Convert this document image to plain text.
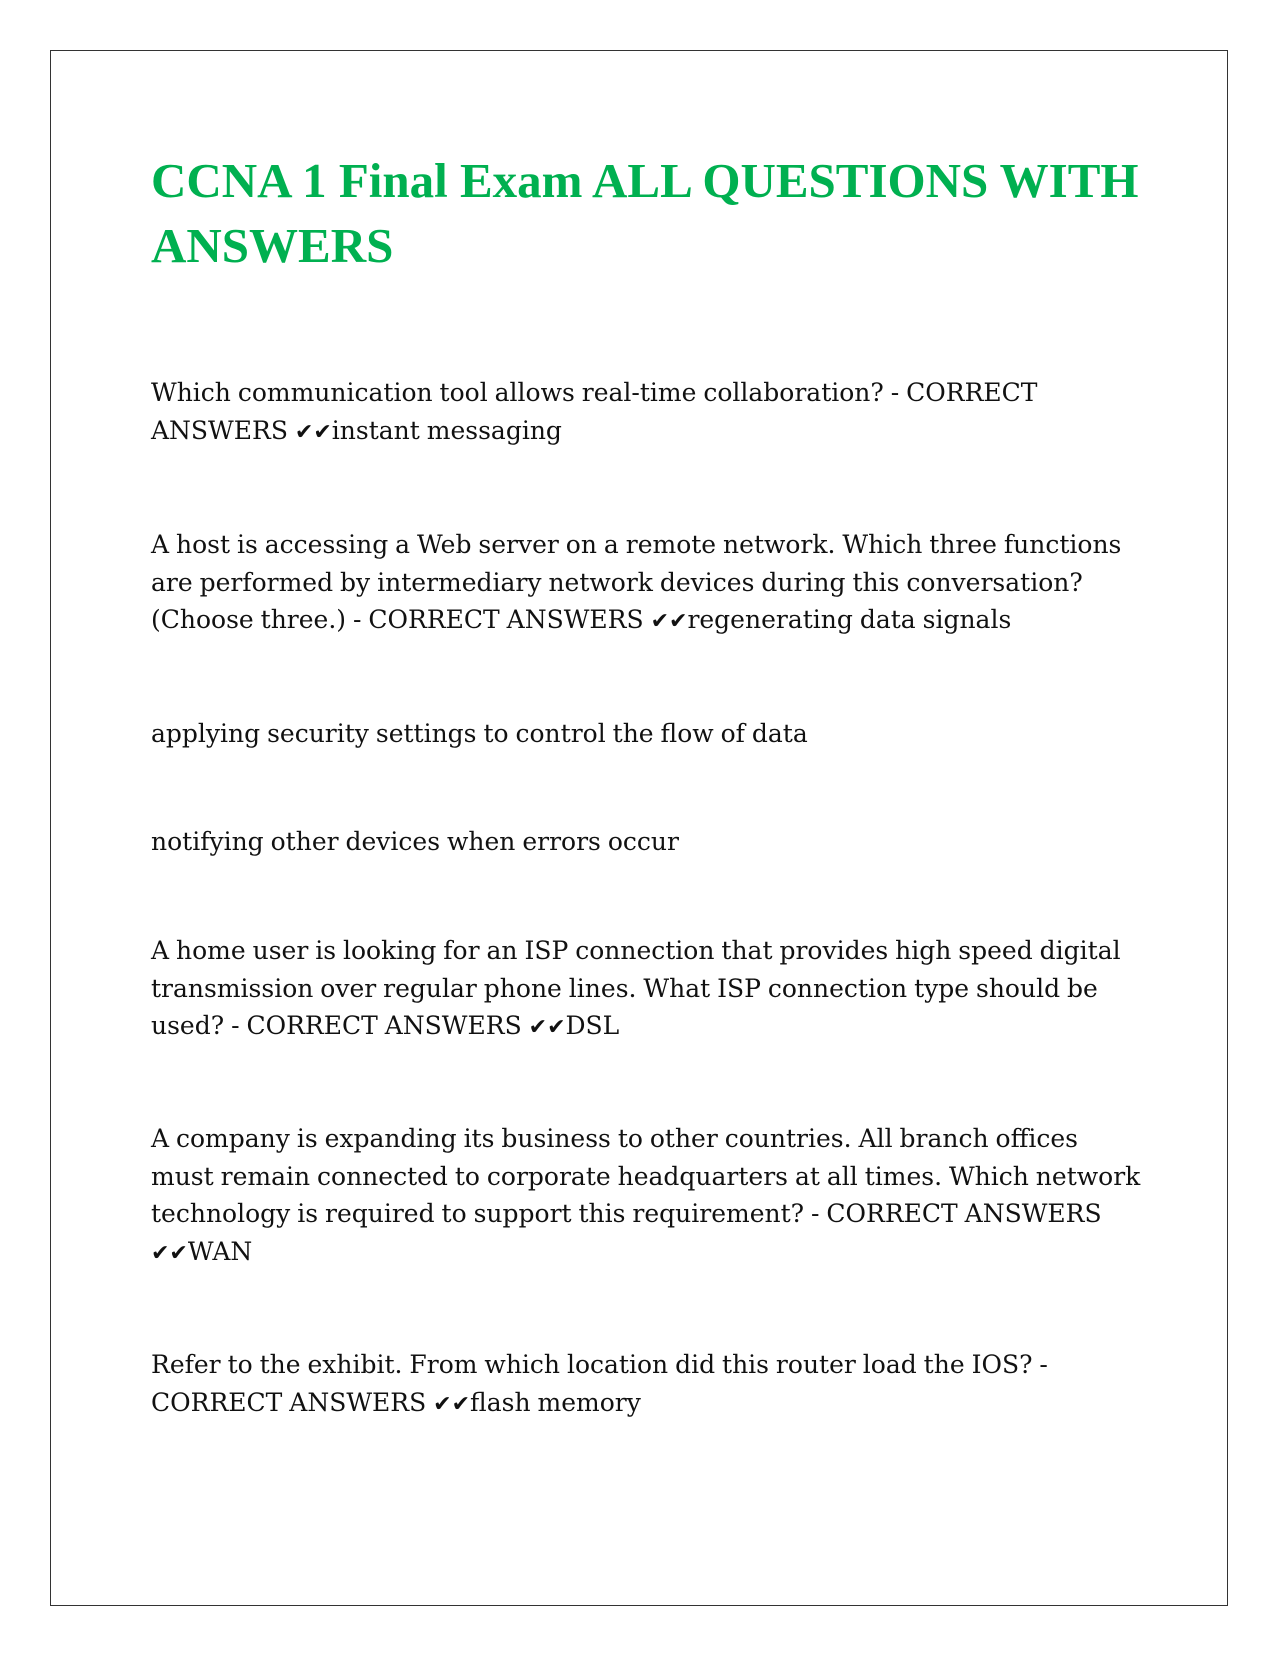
CCNA 1 Final Exam ALL QUESTIONS WITH ANSWERS

Which communication tool allows real-time collaboration? - CORRECT ANSWERS ✔✔instant messaging

A host is accessing a Web server on a remote network. Which three functions are performed by intermediary network devices during this conversation? (Choose three.) - CORRECT ANSWERS ✔✔regenerating data signals

applying security settings to control the flow of data

notifying other devices when errors occur

A home user is looking for an ISP connection that provides high speed digital transmission over regular phone lines. What ISP connection type should be used? - CORRECT ANSWERS ✔✔DSL

A company is expanding its business to other countries. All branch offices must remain connected to corporate headquarters at all times. Which network technology is required to support this requirement? - CORRECT ANSWERS ✔✔WAN

Refer to the exhibit. From which location did this router load the IOS? - CORRECT ANSWERS ✔✔flash memory
